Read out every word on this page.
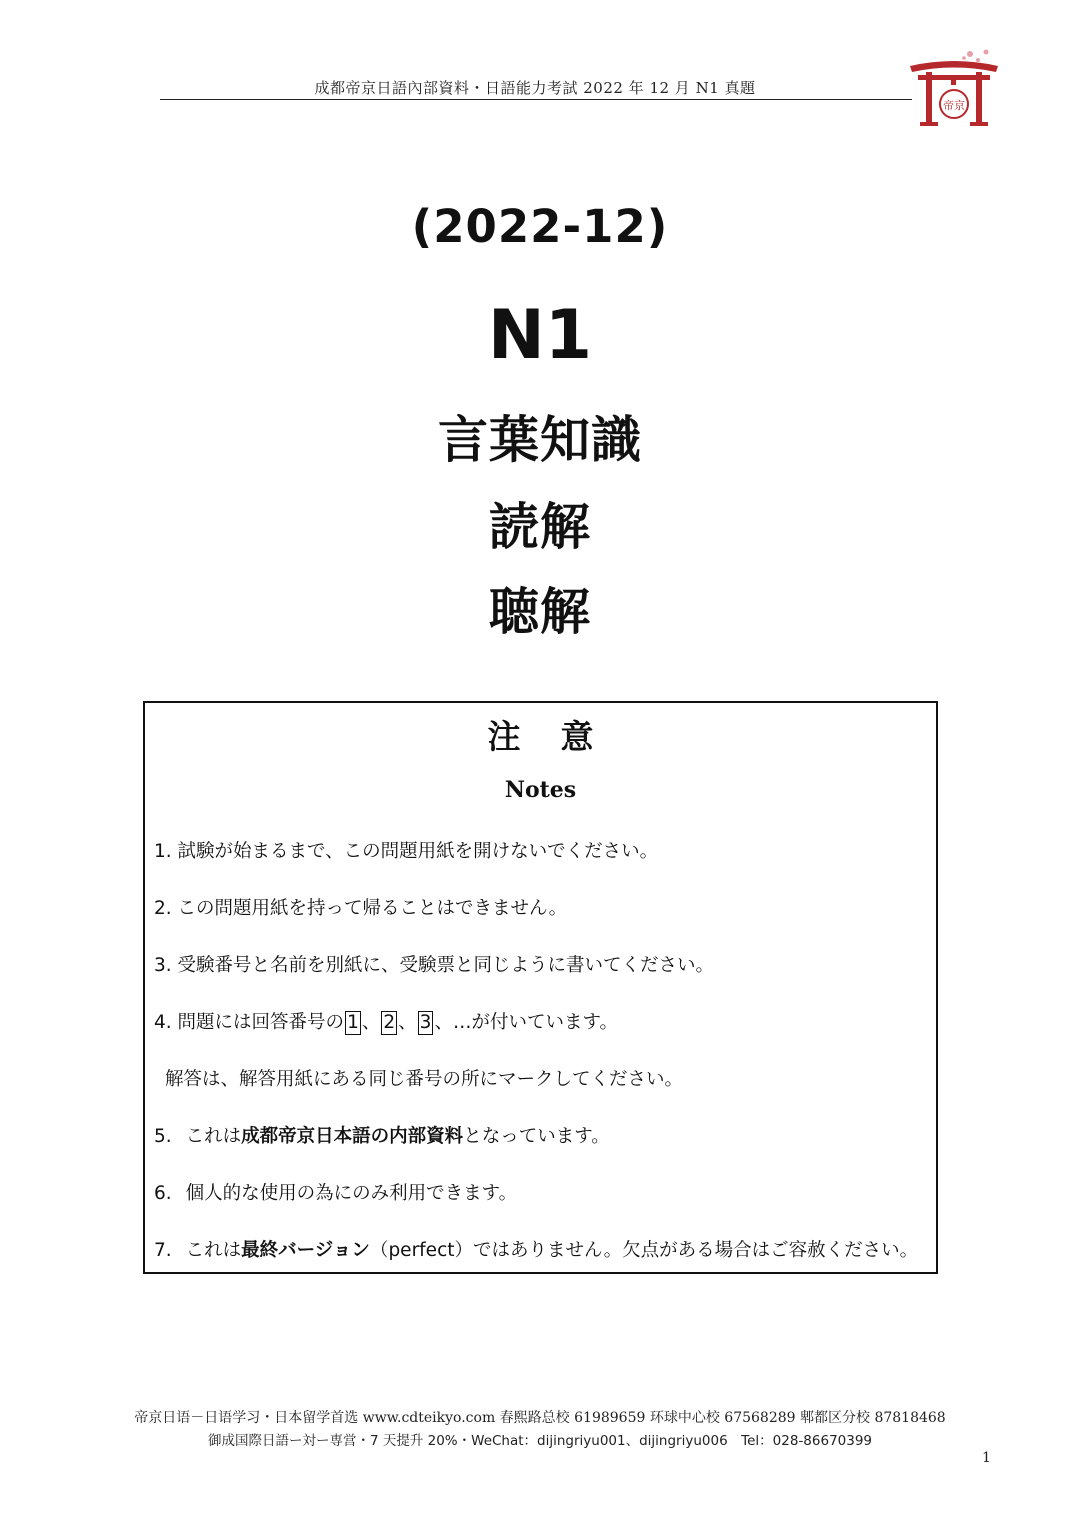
成都帝京日語內部資料・日語能力考試 2022 年 12 月 N1 真題
帝京
(2022-12)
N1
言葉知識
読解
聴解
注意
Notes
1. 試験が始まるまで、この問題用紙を開けないでください。
2. この問題用紙を持って帰ることはできません。
3. 受験番号と名前を別紙に、受験票と同じように書いてください。
4. 問題には回答番号の 1 、 2 、 3 、…が付いています。
解答は、解答用紙にある同じ番号の所にマークしてください。
5. これは成都帝京日本語の内部資料となっています。
6. 個人的な使用の為にのみ利用できます。
7. これは最終バージョン（perfect）ではありません。欠点がある場合はご容赦ください。
帝京日语－日语学习・日本留学首选 www.cdteikyo.com 春熙路总校 61989659 环球中心校 67568289 郫都区分校 87818468
御成国際日語ー対ー専営・7 天提升 20%・WeChat：dijingriyu001、dijingriyu006　Tel：028-86670399
1
